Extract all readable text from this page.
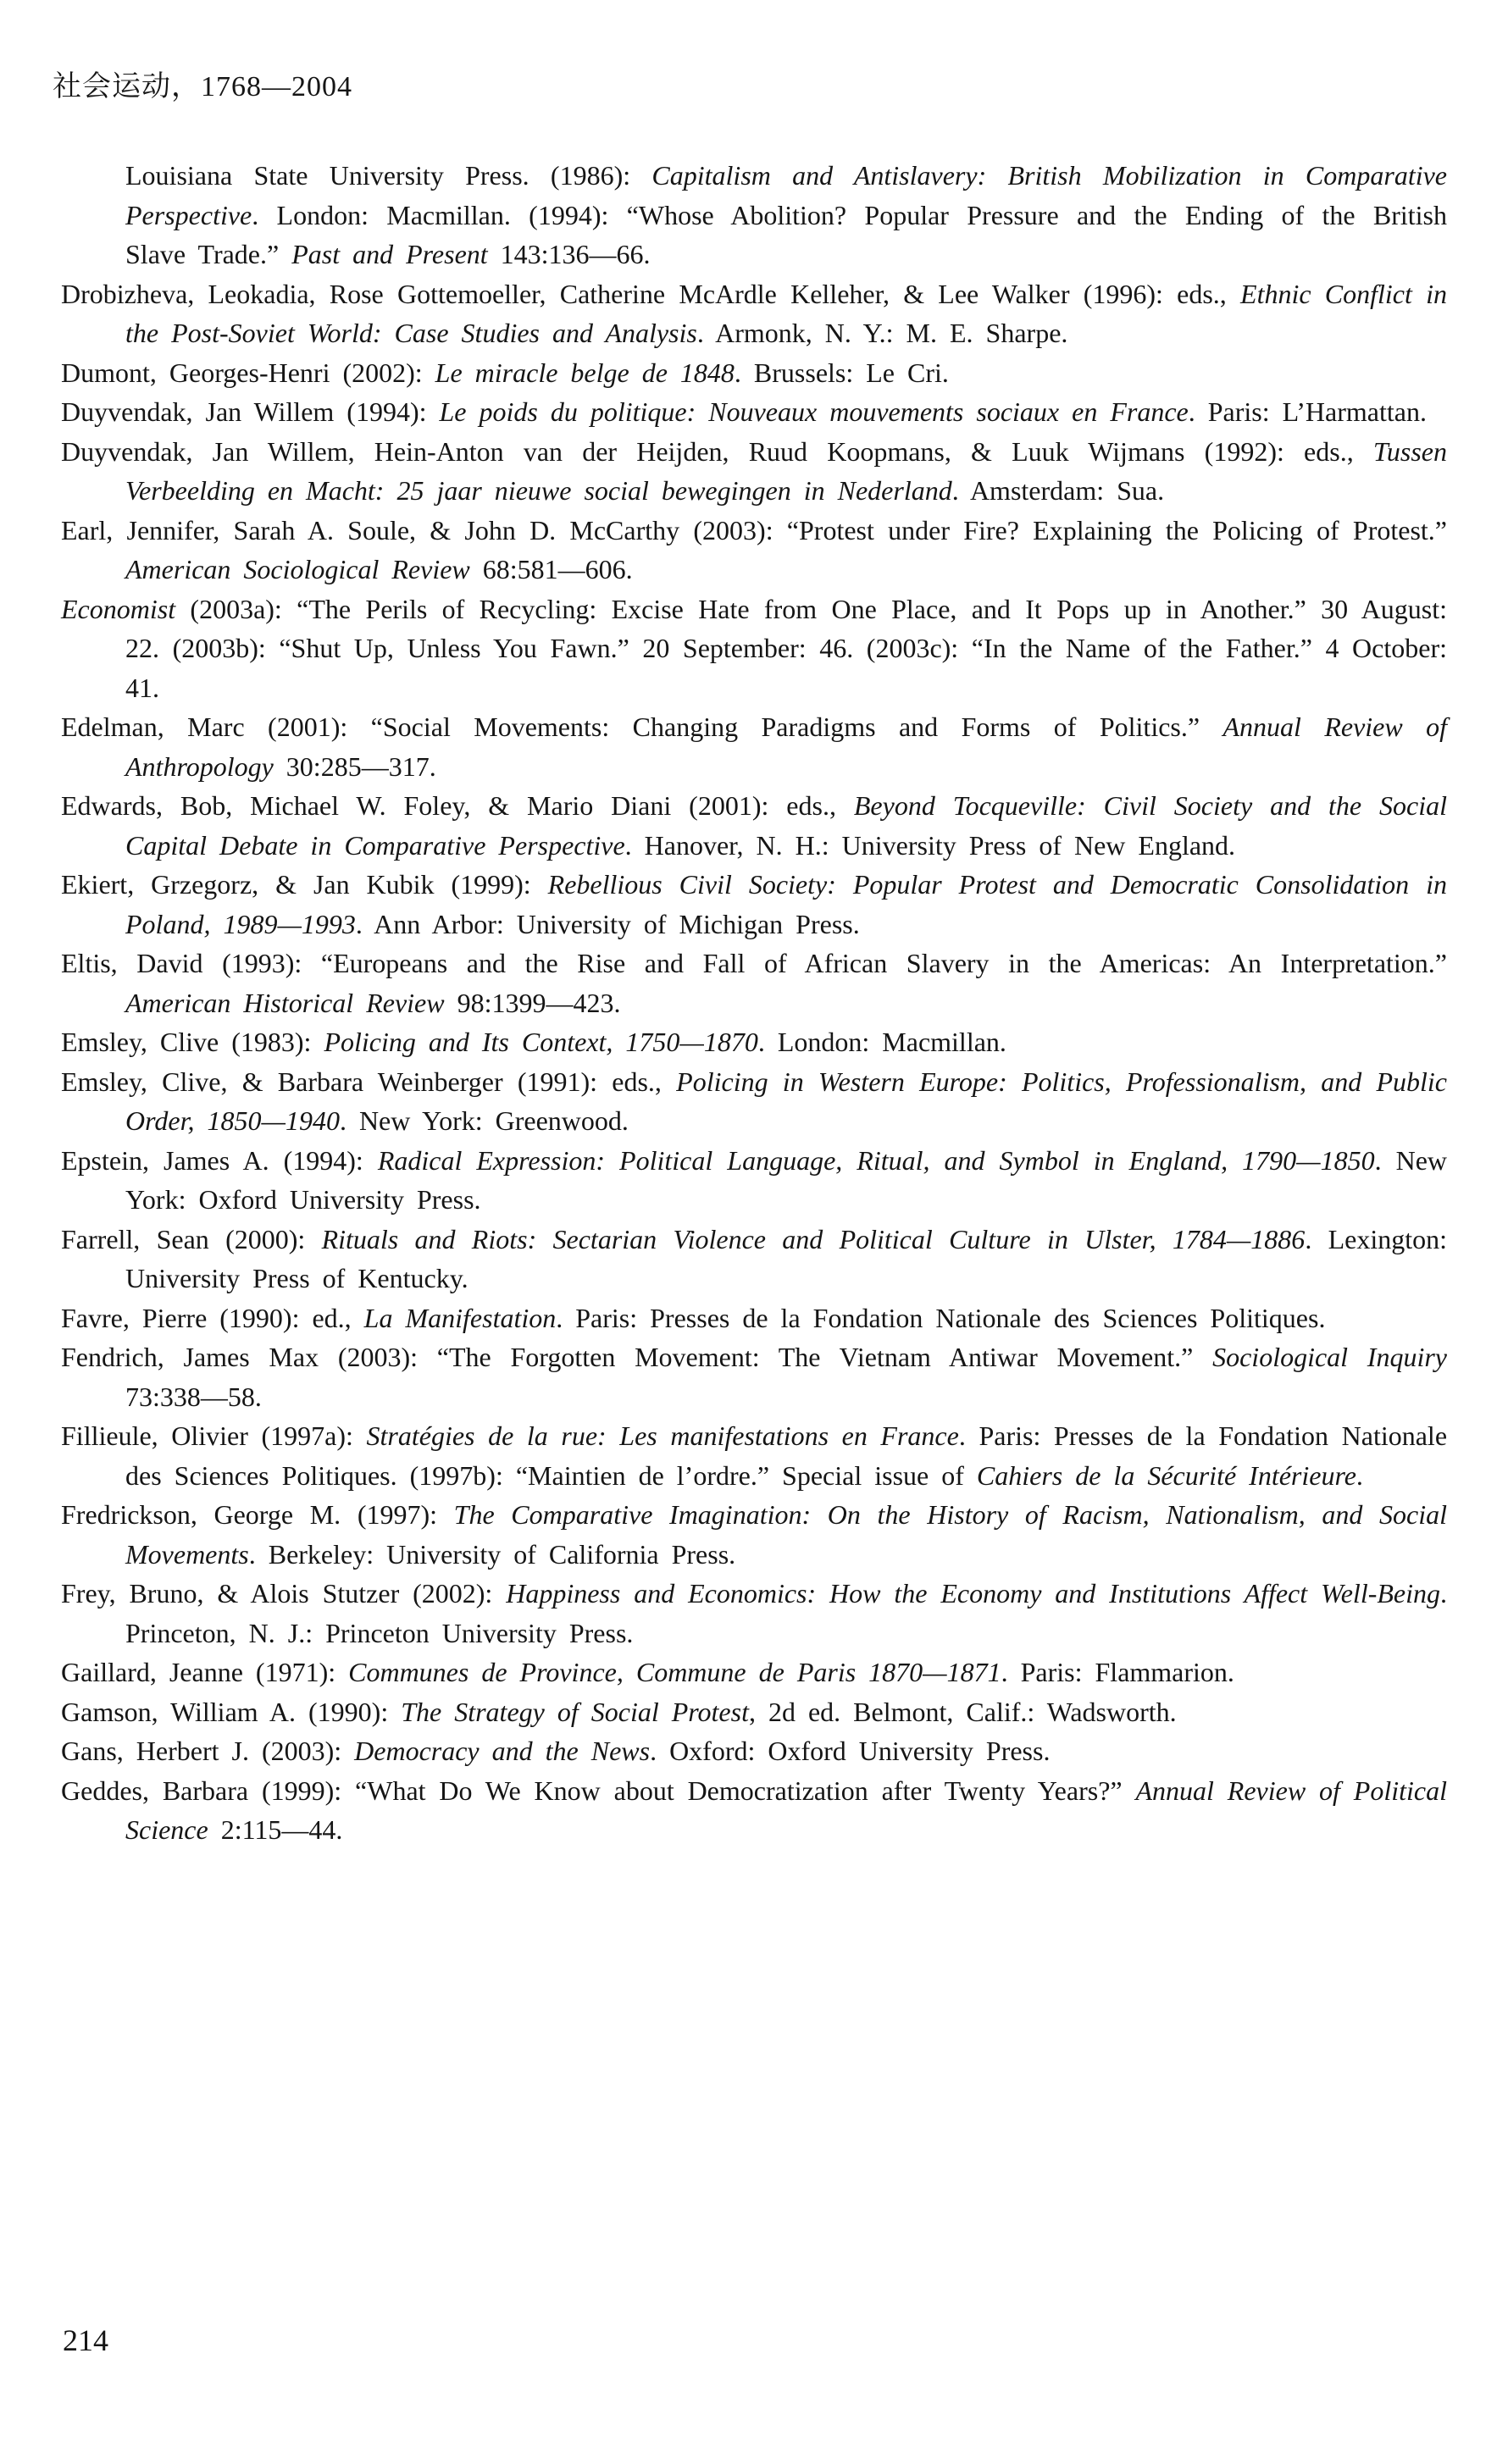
社会运动，1768—2004

Louisiana State University Press. (1986): Capitalism and Antislavery: British Mobilization in Comparative Perspective. London: Macmillan. (1994): “Whose Abolition? Popular Pressure and the Ending of the British Slave Trade.” Past and Present 143:136—66.

Drobizheva, Leokadia, Rose Gottemoeller, Catherine McArdle Kelleher, & Lee Walker (1996): eds., Ethnic Conflict in the Post-Soviet World: Case Studies and Analysis. Armonk, N. Y.: M. E. Sharpe.

Dumont, Georges-Henri (2002): Le miracle belge de 1848. Brussels: Le Cri.

Duyvendak, Jan Willem (1994): Le poids du politique: Nouveaux mouvements sociaux en France. Paris: L’Harmattan.

Duyvendak, Jan Willem, Hein-Anton van der Heijden, Ruud Koopmans, & Luuk Wijmans (1992): eds., Tussen Verbeelding en Macht: 25 jaar nieuwe social bewegingen in Nederland. Amsterdam: Sua.

Earl, Jennifer, Sarah A. Soule, & John D. McCarthy (2003): “Protest under Fire? Explaining the Policing of Protest.” American Sociological Review 68:581—606.

Economist (2003a): “The Perils of Recycling: Excise Hate from One Place, and It Pops up in Another.” 30 August: 22. (2003b): “Shut Up, Unless You Fawn.” 20 September: 46. (2003c): “In the Name of the Father.” 4 October: 41.

Edelman, Marc (2001): “Social Movements: Changing Paradigms and Forms of Politics.” Annual Review of Anthropology 30:285—317.

Edwards, Bob, Michael W. Foley, & Mario Diani (2001): eds., Beyond Tocqueville: Civil Society and the Social Capital Debate in Comparative Perspective. Hanover, N. H.: University Press of New England.

Ekiert, Grzegorz, & Jan Kubik (1999): Rebellious Civil Society: Popular Protest and Democratic Consolidation in Poland, 1989—1993. Ann Arbor: University of Michigan Press.

Eltis, David (1993): “Europeans and the Rise and Fall of African Slavery in the Americas: An Interpretation.” American Historical Review 98:1399—423.

Emsley, Clive (1983): Policing and Its Context, 1750—1870. London: Macmillan.

Emsley, Clive, & Barbara Weinberger (1991): eds., Policing in Western Europe: Politics, Professionalism, and Public Order, 1850—1940. New York: Greenwood.

Epstein, James A. (1994): Radical Expression: Political Language, Ritual, and Symbol in England, 1790—1850. New York: Oxford University Press.

Farrell, Sean (2000): Rituals and Riots: Sectarian Violence and Political Culture in Ulster, 1784—1886. Lexington: University Press of Kentucky.

Favre, Pierre (1990): ed., La Manifestation. Paris: Presses de la Fondation Nationale des Sciences Politiques.

Fendrich, James Max (2003): “The Forgotten Movement: The Vietnam Antiwar Movement.” Sociological Inquiry 73:338—58.

Fillieule, Olivier (1997a): Stratégies de la rue: Les manifestations en France. Paris: Presses de la Fondation Nationale des Sciences Politiques. (1997b): “Maintien de l’ordre.” Special issue of Cahiers de la Sécurité Intérieure.

Fredrickson, George M. (1997): The Comparative Imagination: On the History of Racism, Nationalism, and Social Movements. Berkeley: University of California Press.

Frey, Bruno, & Alois Stutzer (2002): Happiness and Economics: How the Economy and Institutions Affect Well-Being. Princeton, N. J.: Princeton University Press.

Gaillard, Jeanne (1971): Communes de Province, Commune de Paris 1870—1871. Paris: Flammarion.

Gamson, William A. (1990): The Strategy of Social Protest, 2d ed. Belmont, Calif.: Wadsworth.

Gans, Herbert J. (2003): Democracy and the News. Oxford: Oxford University Press.

Geddes, Barbara (1999): “What Do We Know about Democratization after Twenty Years?” Annual Review of Political Science 2:115—44.

214
